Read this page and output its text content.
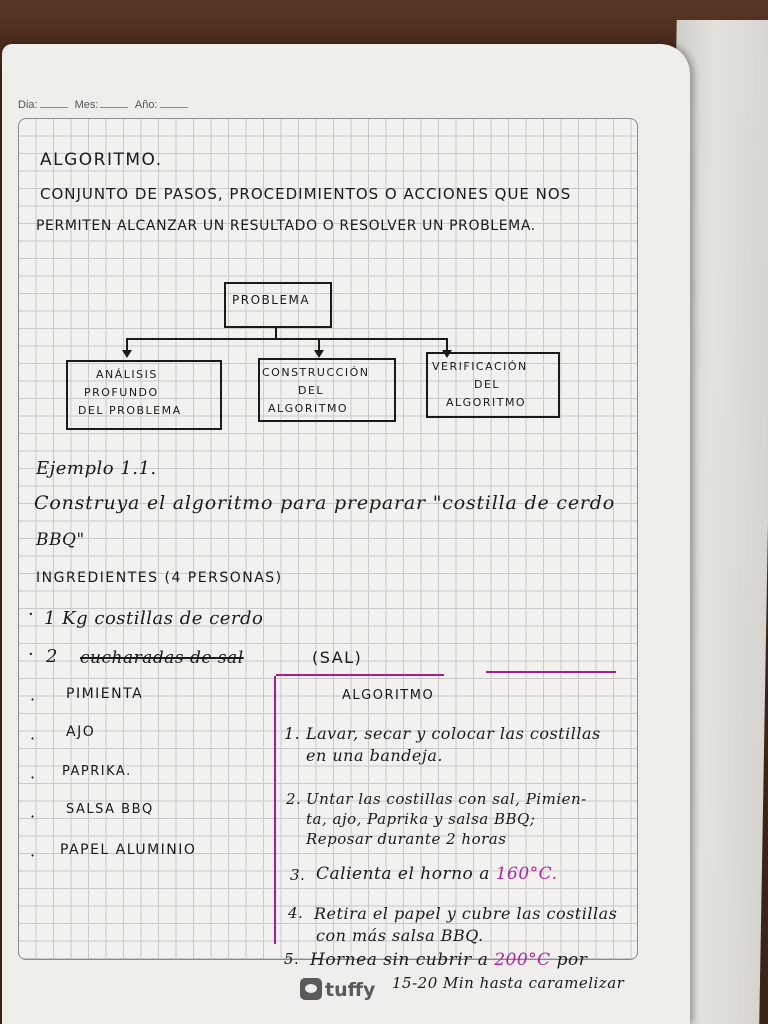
Dia:	Mes:	Año:
ALGORITMO.
CONJUNTO DE PASOS, PROCEDIMIENTOS O ACCIONES QUE NOS
PERMITEN ALCANZAR UN RESULTADO O RESOLVER UN PROBLEMA.
PROBLEMA
ANÁLISIS
PROFUNDO
DEL PROBLEMA
CONSTRUCCIÓN
DEL
ALGORITMO
VERIFICACIÓN
DEL
ALGORITMO
Ejemplo 1.1.
Construya el algoritmo para preparar "costilla de cerdo
BBQ"
INGREDIENTES (4 PERSONAS)
· 1 Kg costillas de cerdo
· 2 cucharadas de sal	(SAL)
PIMIENTA
AJO
PAPRIKA.
SALSA BBQ
PAPEL ALUMINIO
·
·
·
·
·
ALGORITMO
1. Lavar, secar y colocar las costillas
en una bandeja.
2. Untar las costillas con sal, Pimien-
ta, ajo, Paprika y salsa BBQ;
Reposar durante 2 horas
3. Calienta el horno a 160°C.
4. Retira el papel y cubre las costillas
con más salsa BBQ.
5. Hornea sin cubrir a 200°C por
15-20 Min hasta caramelizar
tuffy
